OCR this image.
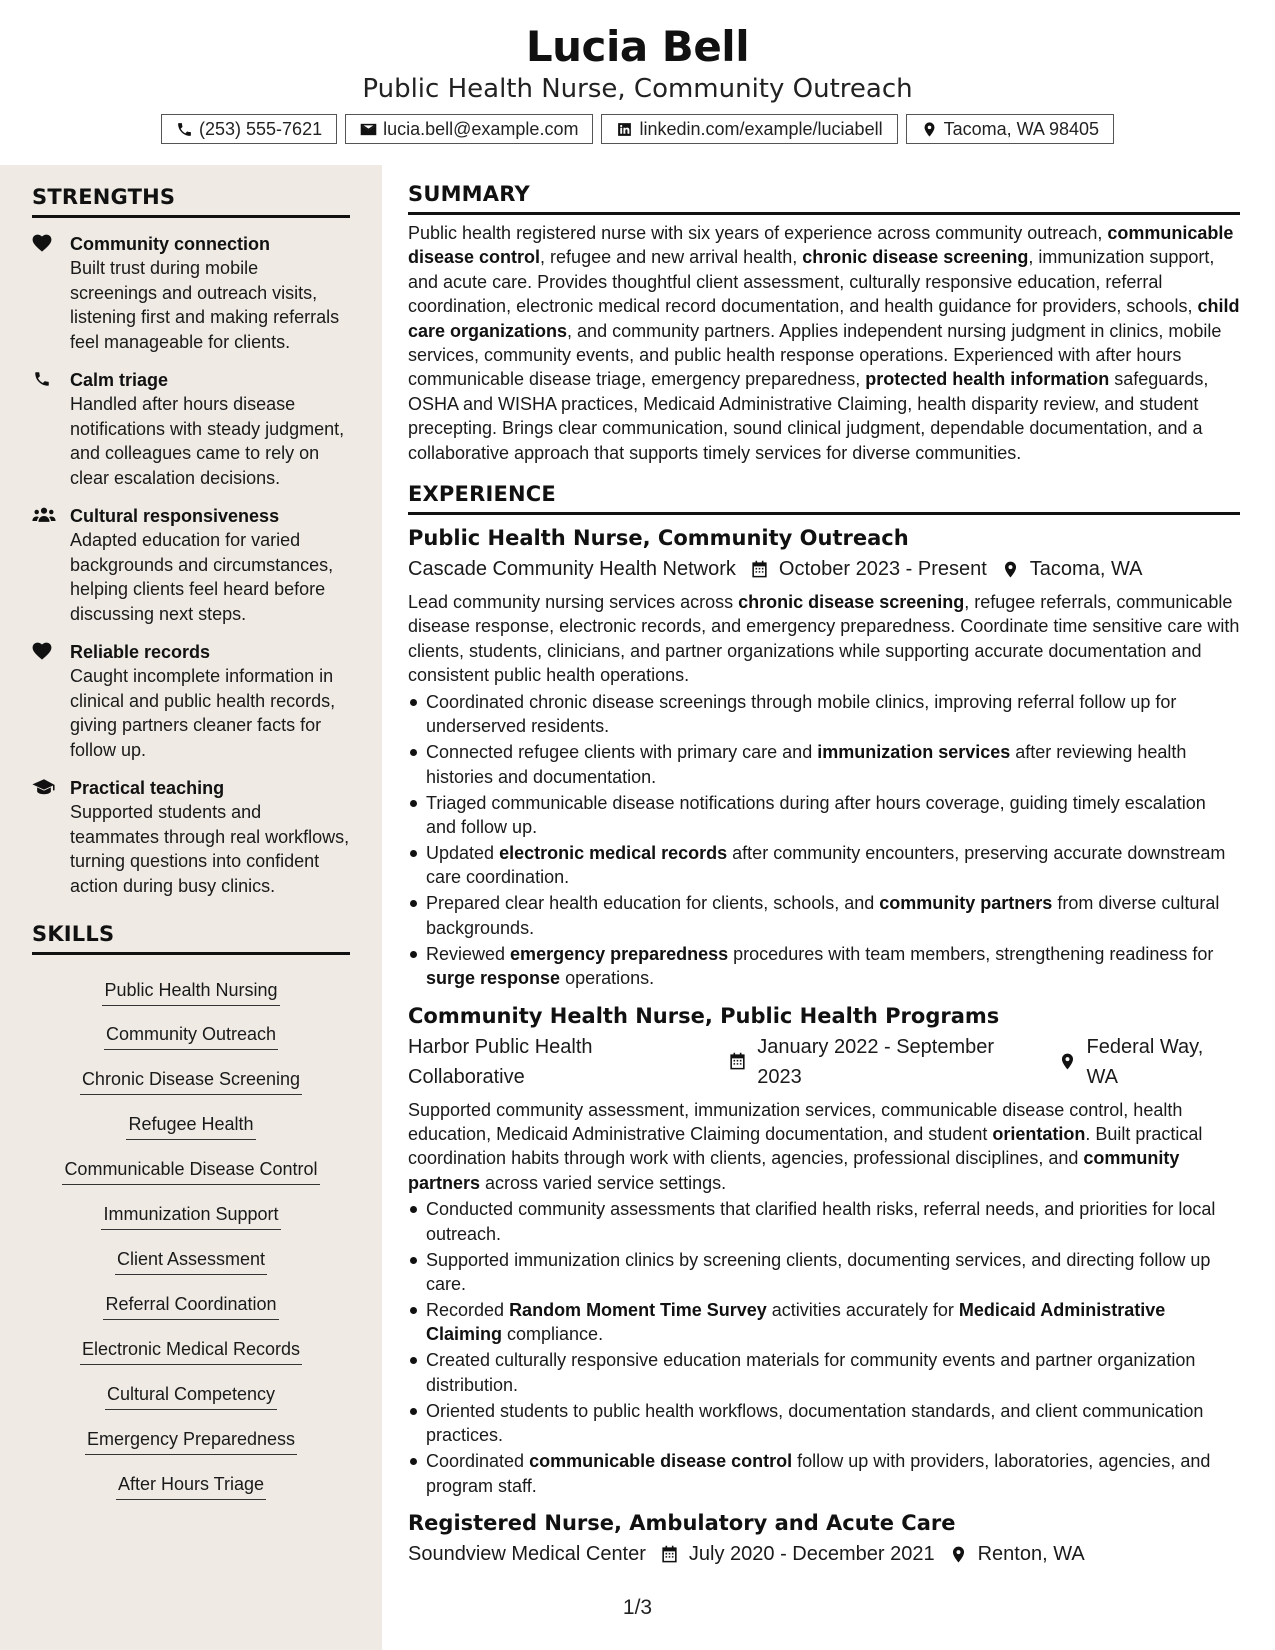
Lucia Bell
Public Health Nurse, Community Outreach
(253) 555-7621	lucia.bell@example.com	linkedin.com/example/luciabell	Tacoma, WA 98405
STRENGTHS
Community connection
Built trust during mobile screenings and outreach visits, listening first and making referrals feel manageable for clients.
Calm triage
Handled after hours disease notifications with steady judgment, and colleagues came to rely on clear escalation decisions.
Cultural responsiveness
Adapted education for varied backgrounds and circumstances, helping clients feel heard before discussing next steps.
Reliable records
Caught incomplete information in clinical and public health records, giving partners cleaner facts for follow up.
Practical teaching
Supported students and teammates through real workflows, turning questions into confident action during busy clinics.
SKILLS
Public Health Nursing
Community Outreach
Chronic Disease Screening
Refugee Health
Communicable Disease Control
Immunization Support
Client Assessment
Referral Coordination
Electronic Medical Records
Cultural Competency
Emergency Preparedness
After Hours Triage
SUMMARY
Public health registered nurse with six years of experience across community outreach, communicable disease control, refugee and new arrival health, chronic disease screening, immunization support, and acute care. Provides thoughtful client assessment, culturally responsive education, referral coordination, electronic medical record documentation, and health guidance for providers, schools, child care organizations, and community partners. Applies independent nursing judgment in clinics, mobile services, community events, and public health response operations. Experienced with after hours communicable disease triage, emergency preparedness, protected health information safeguards, OSHA and WISHA practices, Medicaid Administrative Claiming, health disparity review, and student precepting. Brings clear communication, sound clinical judgment, dependable documentation, and a collaborative approach that supports timely services for diverse communities.
EXPERIENCE
Public Health Nurse, Community Outreach
Cascade Community Health Network October 2023 - Present Tacoma, WA
Lead community nursing services across chronic disease screening, refugee referrals, communicable disease response, electronic records, and emergency preparedness. Coordinate time sensitive care with clients, students, clinicians, and partner organizations while supporting accurate documentation and consistent public health operations.
Coordinated chronic disease screenings through mobile clinics, improving referral follow up for underserved residents.
Connected refugee clients with primary care and immunization services after reviewing health histories and documentation.
Triaged communicable disease notifications during after hours coverage, guiding timely escalation and follow up.
Updated electronic medical records after community encounters, preserving accurate downstream care coordination.
Prepared clear health education for clients, schools, and community partners from diverse cultural backgrounds.
Reviewed emergency preparedness procedures with team members, strengthening readiness for surge response operations.
Community Health Nurse, Public Health Programs
Harbor Public Health Collaborative
January 2022 - September 2023
Federal Way, WA
Supported community assessment, immunization services, communicable disease control, health education, Medicaid Administrative Claiming documentation, and student orientation. Built practical coordination habits through work with clients, agencies, professional disciplines, and community partners across varied service settings.
Conducted community assessments that clarified health risks, referral needs, and priorities for local outreach.
Supported immunization clinics by screening clients, documenting services, and directing follow up care.
Recorded Random Moment Time Survey activities accurately for Medicaid Administrative Claiming compliance.
Created culturally responsive education materials for community events and partner organization distribution.
Oriented students to public health workflows, documentation standards, and client communication practices.
Coordinated communicable disease control follow up with providers, laboratories, agencies, and program staff.
Registered Nurse, Ambulatory and Acute Care
Soundview Medical Center July 2020 - December 2021 Renton, WA
1/3
